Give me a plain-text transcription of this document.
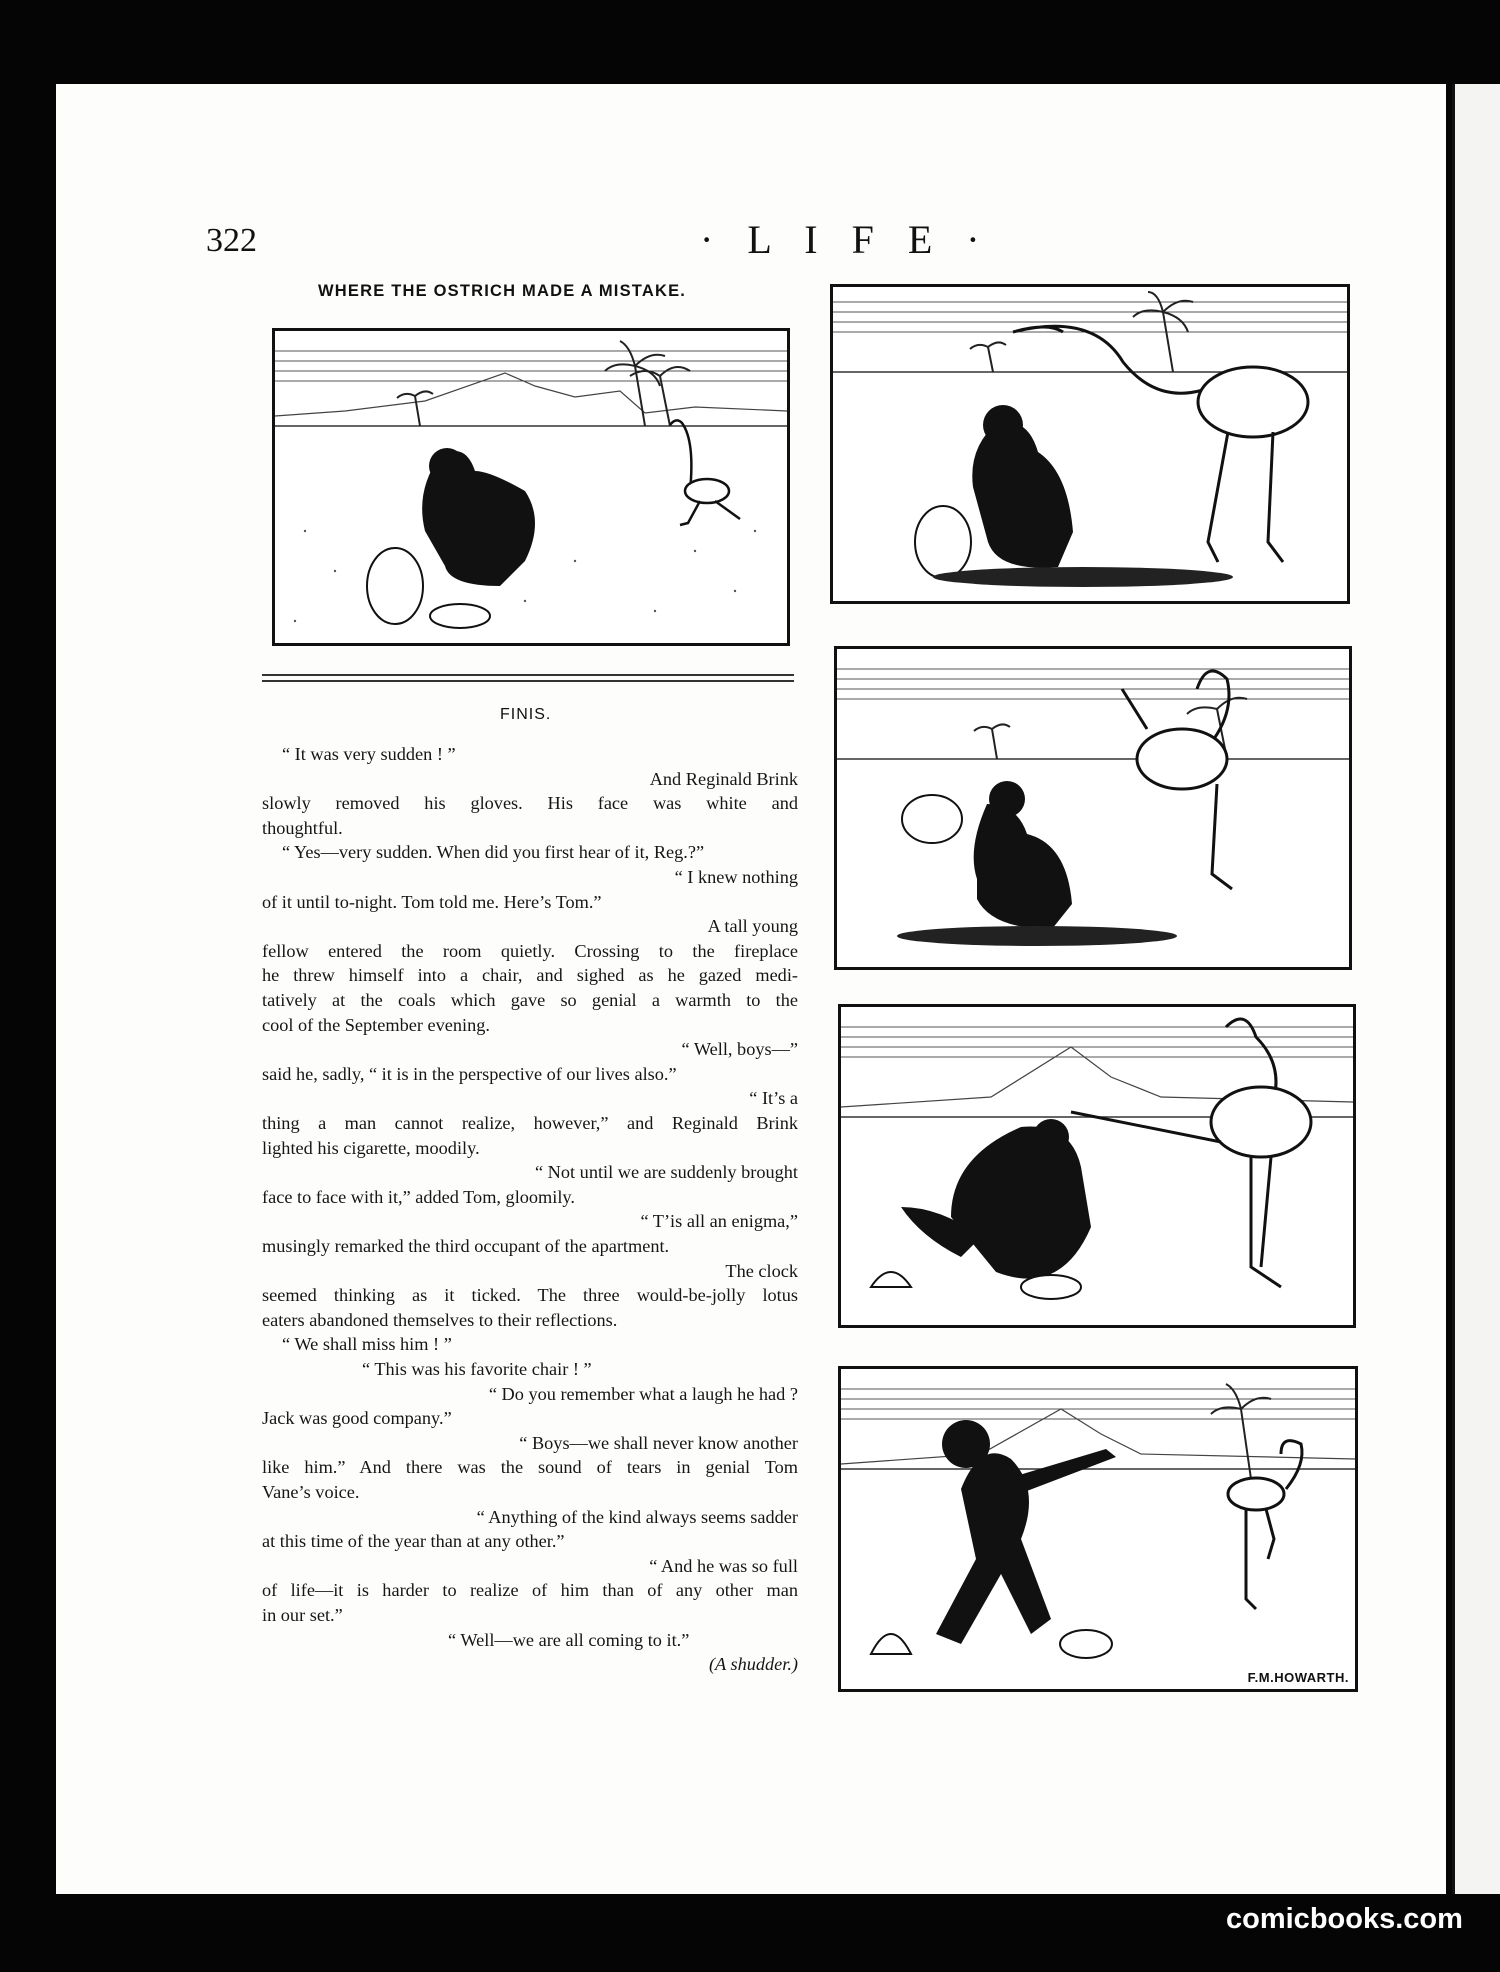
322	· L I F E ·

WHERE THE OSTRICH MADE A MISTAKE.
F.M.HOWARTH.

FINIS.

“ It was very sudden ! ”
And Reginald Brink
slowly removed his gloves. His face was white and
thoughtful.
“ Yes—very sudden. When did you first hear of it, Reg.?”
“ I knew nothing
of it until to-night. Tom told me. Here’s Tom.”
A tall young
fellow entered the room quietly. Crossing to the fireplace
he threw himself into a chair, and sighed as he gazed medi-
tatively at the coals which gave so genial a warmth to the
cool of the September evening.
“ Well, boys—”
said he, sadly, “ it is in the perspective of our lives also.”
“ It’s a
thing a man cannot realize, however,” and Reginald Brink
lighted his cigarette, moodily.
“ Not until we are suddenly brought
face to face with it,” added Tom, gloomily.
“ T’is all an enigma,”
musingly remarked the third occupant of the apartment.
The clock
seemed thinking as it ticked. The three would-be-jolly lotus
eaters abandoned themselves to their reflections.
“ We shall miss him ! ”
“ This was his favorite chair ! ”
“ Do you remember what a laugh he had ?
Jack was good company.”
“ Boys—we shall never know another
like him.” And there was the sound of tears in genial Tom
Vane’s voice.
“ Anything of the kind always seems sadder
at this time of the year than at any other.”
“ And he was so full
of life—it is harder to realize of him than of any other man
in our set.”
“ Well—we are all coming to it.”
(A shudder.)

comicbooks.com
